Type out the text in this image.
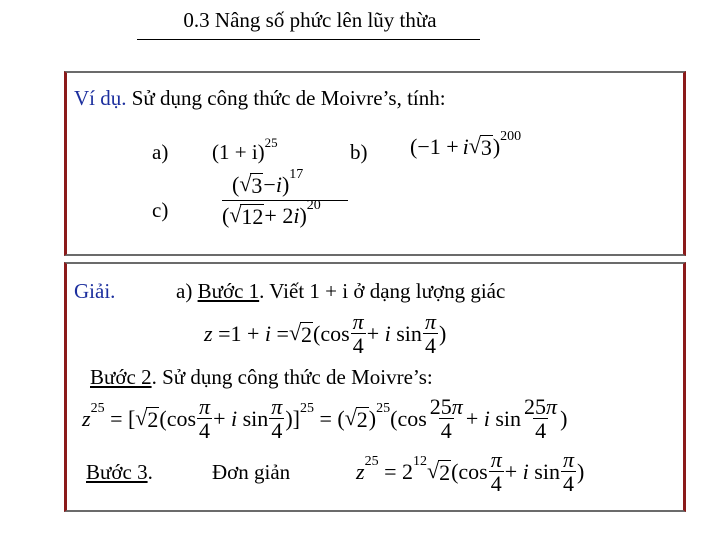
0.3 Nâng số phức lên lũy thừa
Ví dụ. Sử dụng công thức de Moivre’s, tính:
a) $(1 + i)^{25}$	b) (−1 + i √ 3 ) 200
c)
( √ 3 − i ) 17
( √ 12 + 2 i ) 20
Giải.	a) Bước 1. Viết 1 + i ở dạng lượng giác
z =1 + i = √ 2 ($\cos \frac{\pi}{4} + i$ $\sin \frac{\pi}{4}$ )
Bước 2. Sử dụng công thức de Moivre’s:
z 25 = [ √ 2 ($\cos \frac{\pi}{4} + i$ $\sin \frac{\pi}{4}$ )] 25 = ( √ 2 ) 25 ($\cos \frac{25\pi}{4} + i$ $\sin \frac{25\pi}{4}$ )
Bước 3.	Đơn giản	z 25 = 2 12 √ 2 ($\cos \frac{\pi}{4} + i$ $\sin \frac{\pi}{4}$ )
